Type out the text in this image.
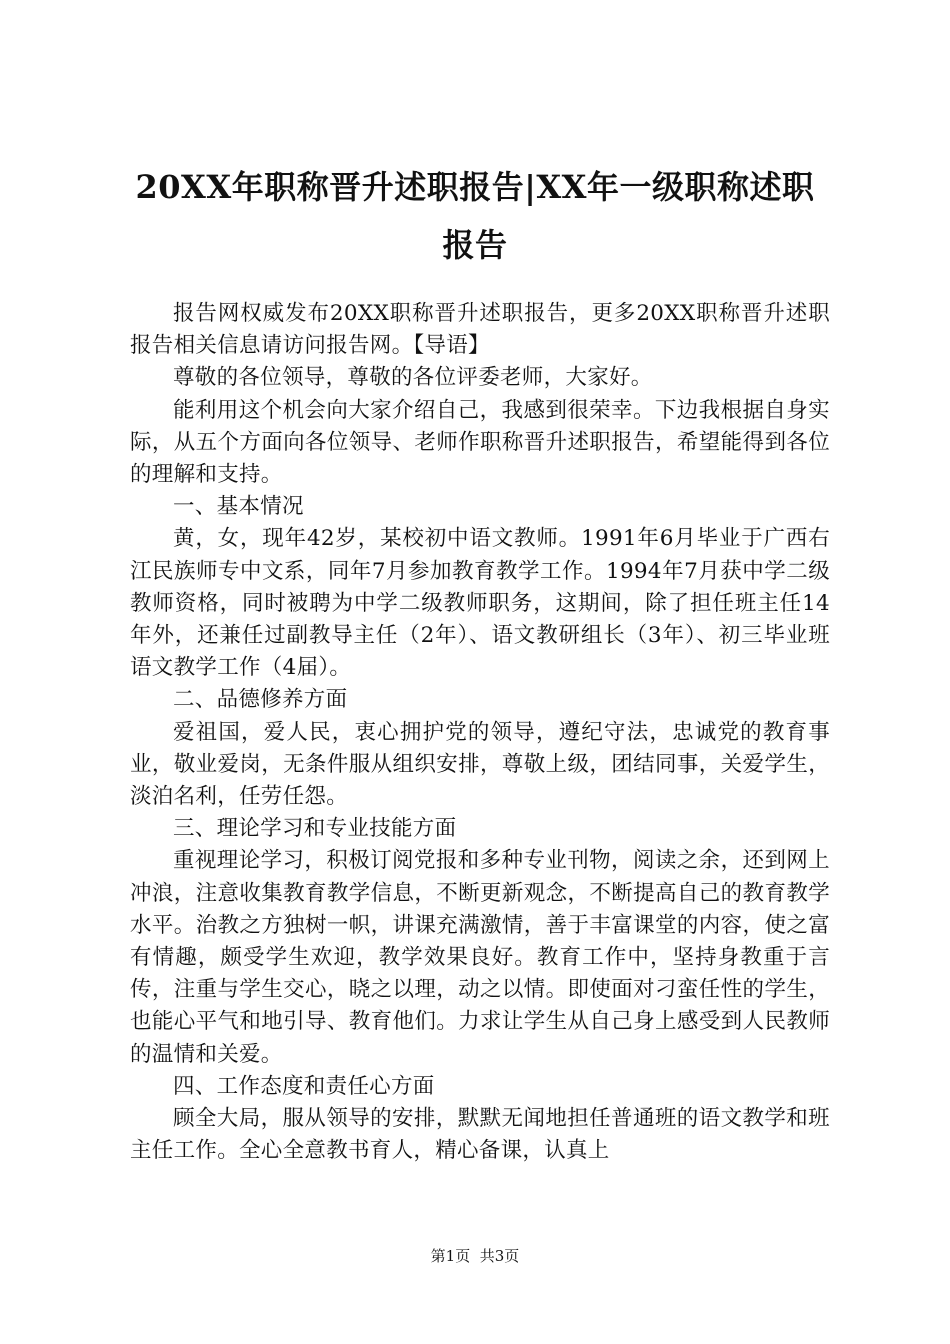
20XX年职称晋升述职报告|XX年一级职称述职
报告

报告网权威发布20XX职称晋升述职报告，更多20XX职称晋升述职报告相关信息请访问报告网。【导语】

尊敬的各位领导，尊敬的各位评委老师，大家好。

能利用这个机会向大家介绍自己，我感到很荣幸。下边我根据自身实际，从五个方面向各位领导、老师作职称晋升述职报告，希望能得到各位的理解和支持。

一、基本情况

黄，女，现年42岁，某校初中语文教师。1991年6月毕业于广西右江民族师专中文系，同年7月参加教育教学工作。1994年7月获中学二级教师资格，同时被聘为中学二级教师职务，这期间，除了担任班主任14年外，还兼任过副教导主任（2年）、语文教研组长（3年）、初三毕业班语文教学工作（4届）。

二、品德修养方面

爱祖国，爱人民，衷心拥护党的领导，遵纪守法，忠诚党的教育事业，敬业爱岗，无条件服从组织安排，尊敬上级，团结同事，关爱学生，淡泊名利，任劳任怨。

三、理论学习和专业技能方面

重视理论学习，积极订阅党报和多种专业刊物，阅读之余，还到网上冲浪，注意收集教育教学信息，不断更新观念，不断提高自己的教育教学水平。治教之方独树一帜，讲课充满激情，善于丰富课堂的内容，使之富有情趣，颇受学生欢迎，教学效果良好。教育工作中，坚持身教重于言传，注重与学生交心，晓之以理，动之以情。即使面对刁蛮任性的学生，也能心平气和地引导、教育他们。力求让学生从自己身上感受到人民教师的温情和关爱。

四、工作态度和责任心方面

顾全大局，服从领导的安排，默默无闻地担任普通班的语文教学和班主任工作。全心全意教书育人，精心备课，认真上

第1页 共3页
